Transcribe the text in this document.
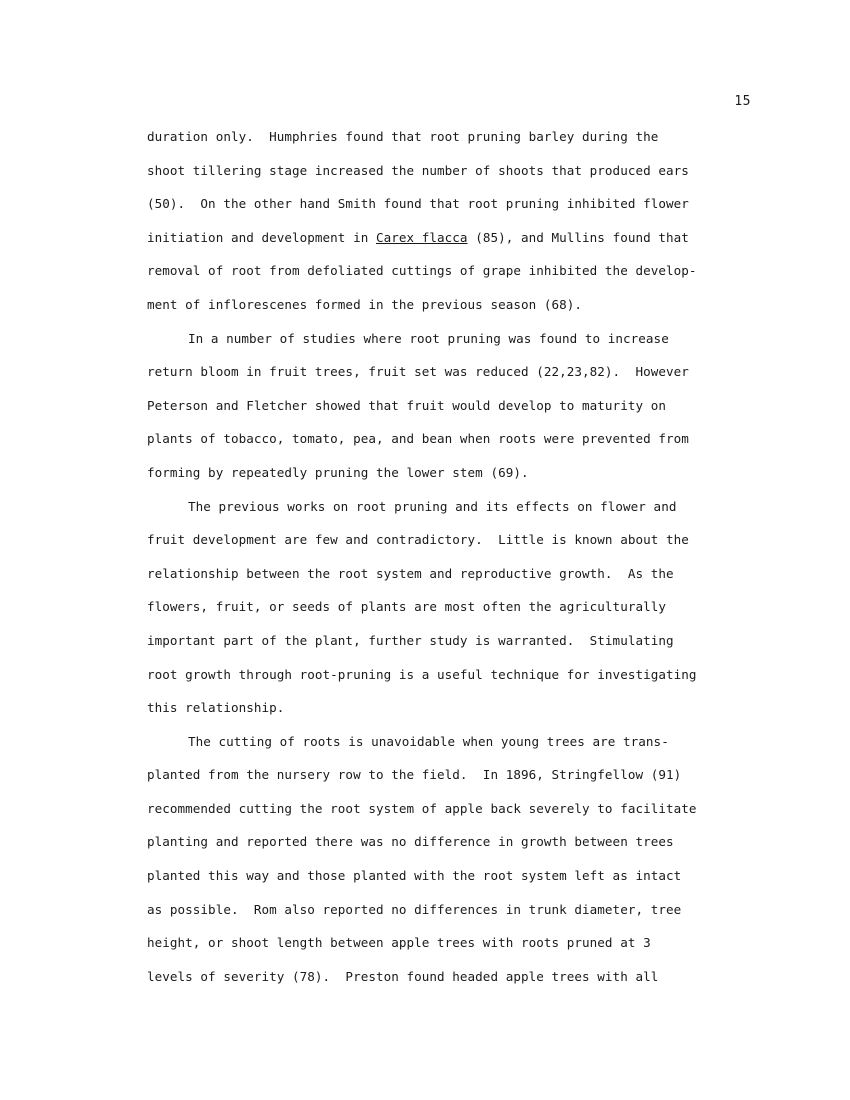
15
duration only.  Humphries found that root pruning barley during the
shoot tillering stage increased the number of shoots that produced ears
(50).  On the other hand Smith found that root pruning inhibited flower
initiation and development in Carex flacca (85), and Mullins found that
removal of root from defoliated cuttings of grape inhibited the develop-
ment of inflorescenes formed in the previous season (68).
In a number of studies where root pruning was found to increase
return bloom in fruit trees, fruit set was reduced (22,23,82).  However
Peterson and Fletcher showed that fruit would develop to maturity on
plants of tobacco, tomato, pea, and bean when roots were prevented from
forming by repeatedly pruning the lower stem (69).
The previous works on root pruning and its effects on flower and
fruit development are few and contradictory.  Little is known about the
relationship between the root system and reproductive growth.  As the
flowers, fruit, or seeds of plants are most often the agriculturally
important part of the plant, further study is warranted.  Stimulating
root growth through root-pruning is a useful technique for investigating
this relationship.
The cutting of roots is unavoidable when young trees are trans-
planted from the nursery row to the field.  In 1896, Stringfellow (91)
recommended cutting the root system of apple back severely to facilitate
planting and reported there was no difference in growth between trees
planted this way and those planted with the root system left as intact
as possible.  Rom also reported no differences in trunk diameter, tree
height, or shoot length between apple trees with roots pruned at 3
levels of severity (78).  Preston found headed apple trees with all
